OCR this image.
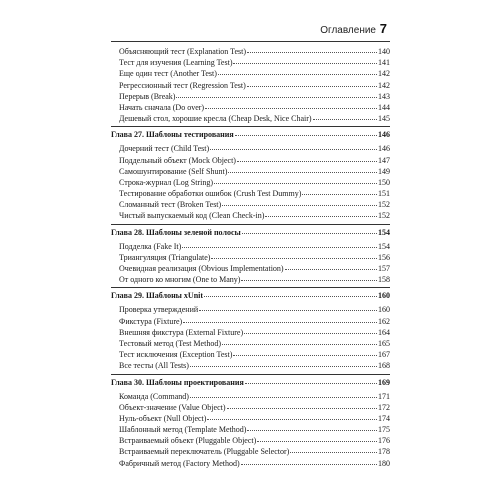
Оглавление 7
Объясняющий тест (Explanation Test)	140
Тест для изучения (Learning Test)	141
Еще один тест (Another Test)	142
Регрессионный тест (Regression Test)	142
Перерыв (Break)	143
Начать сначала (Do over)	144
Дешевый стол, хорошие кресла (Cheap Desk, Nice Chair)	145
Глава 27. Шаблоны тестирования	146
Дочерний тест (Child Test)	146
Поддельный объект (Mock Object)	147
Самошунтирование (Self Shunt)	149
Строка-журнал (Log String)	150
Тестирование обработки ошибок (Crush Test Dummy)	151
Сломанный тест (Broken Test)	152
Чистый выпускаемый код (Clean Check-in)	152
Глава 28. Шаблоны зеленой полосы	154
Подделка (Fake It)	154
Триангуляция (Triangulate)	156
Очевидная реализация (Obvious Implementation)	157
От одного ко многим (One to Many)	158
Глава 29. Шаблоны xUnit	160
Проверка утверждений	160
Фикстура (Fixture)	162
Внешняя фикстура (External Fixture)	164
Тестовый метод (Test Method)	165
Тест исключения (Exception Test)	167
Все тесты (All Tests)	168
Глава 30. Шаблоны проектирования	169
Команда (Command)	171
Объект-значение (Value Object)	172
Нуль-объект (Null Object)	174
Шаблонный метод (Template Method)	175
Встраиваемый объект (Pluggable Object)	176
Встраиваемый переключатель (Pluggable Selector)	178
Фабричный метод (Factory Method)	180
